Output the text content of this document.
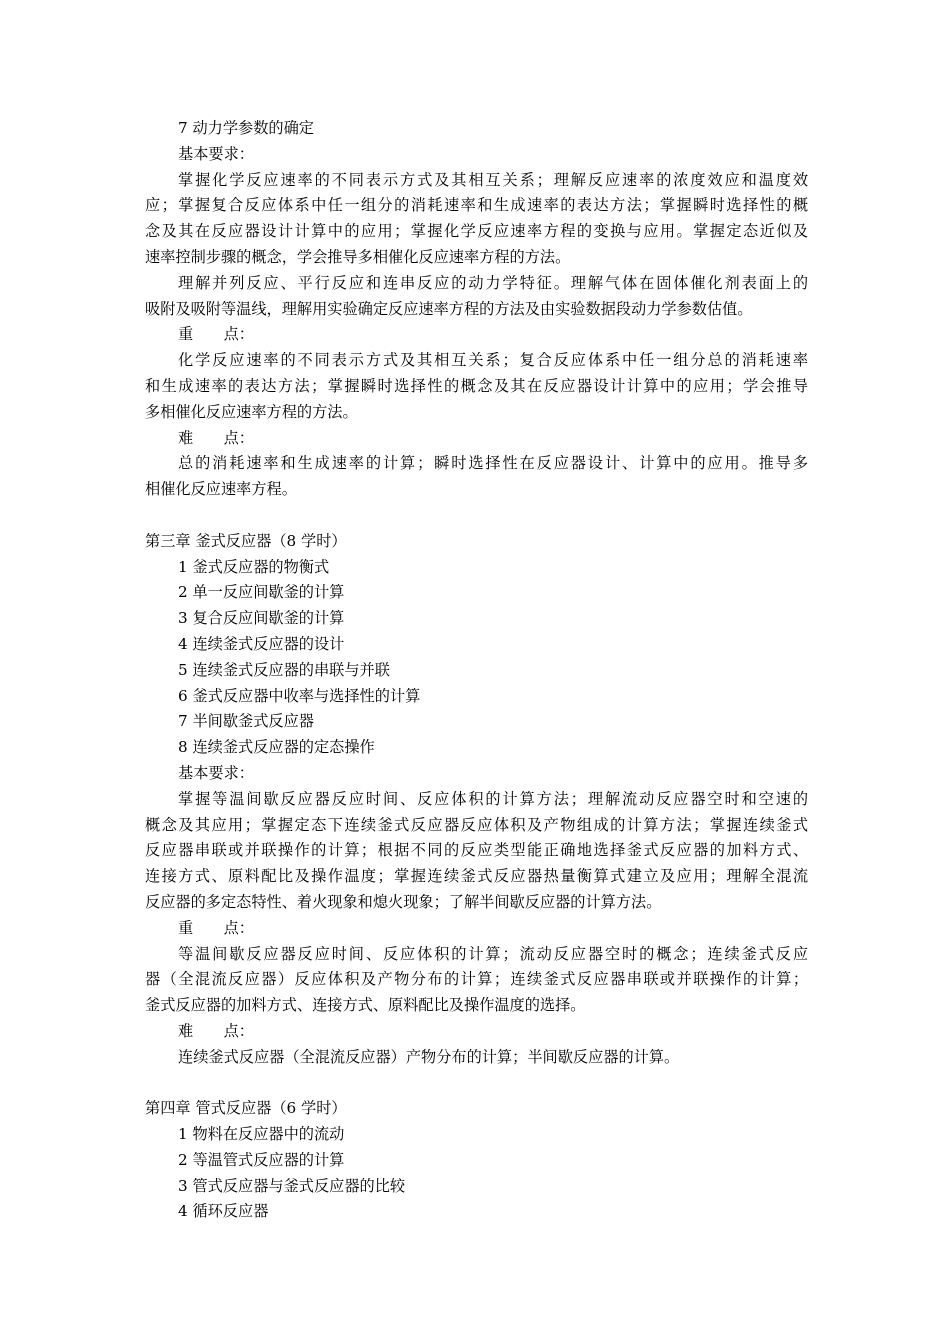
7 动力学参数的确定
基本要求：
掌握化学反应速率的不同表示方式及其相互关系；理解反应速率的浓度效应和温度效
应；掌握复合反应体系中任一组分的消耗速率和生成速率的表达方法；掌握瞬时选择性的概
念及其在反应器设计计算中的应用；掌握化学反应速率方程的变换与应用。掌握定态近似及
速率控制步骤的概念，学会推导多相催化反应速率方程的方法。
理解并列反应、平行反应和连串反应的动力学特征。理解气体在固体催化剂表面上的
吸附及吸附等温线，理解用实验确定反应速率方程的方法及由实验数据段动力学参数估值。
重　　点：
化学反应速率的不同表示方式及其相互关系；复合反应体系中任一组分总的消耗速率
和生成速率的表达方法；掌握瞬时选择性的概念及其在反应器设计计算中的应用；学会推导
多相催化反应速率方程的方法。
难　　点：
总的消耗速率和生成速率的计算；瞬时选择性在反应器设计、计算中的应用。推导多
相催化反应速率方程。
第三章 釜式反应器（8 学时）
1 釜式反应器的物衡式
2 单一反应间歇釜的计算
3 复合反应间歇釜的计算
4 连续釜式反应器的设计
5 连续釜式反应器的串联与并联
6 釜式反应器中收率与选择性的计算
7 半间歇釜式反应器
8 连续釜式反应器的定态操作
基本要求：
掌握等温间歇反应器反应时间、反应体积的计算方法；理解流动反应器空时和空速的
概念及其应用；掌握定态下连续釜式反应器反应体积及产物组成的计算方法；掌握连续釜式
反应器串联或并联操作的计算；根据不同的反应类型能正确地选择釜式反应器的加料方式、
连接方式、原料配比及操作温度；掌握连续釜式反应器热量衡算式建立及应用；理解全混流
反应器的多定态特性、着火现象和熄火现象；了解半间歇反应器的计算方法。
重　　点：
等温间歇反应器反应时间、反应体积的计算；流动反应器空时的概念；连续釜式反应
器（全混流反应器）反应体积及产物分布的计算；连续釜式反应器串联或并联操作的计算；
釜式反应器的加料方式、连接方式、原料配比及操作温度的选择。
难　　点：
连续釜式反应器（全混流反应器）产物分布的计算；半间歇反应器的计算。
第四章 管式反应器（6 学时）
1 物料在反应器中的流动
2 等温管式反应器的计算
3 管式反应器与釜式反应器的比较
4 循环反应器
